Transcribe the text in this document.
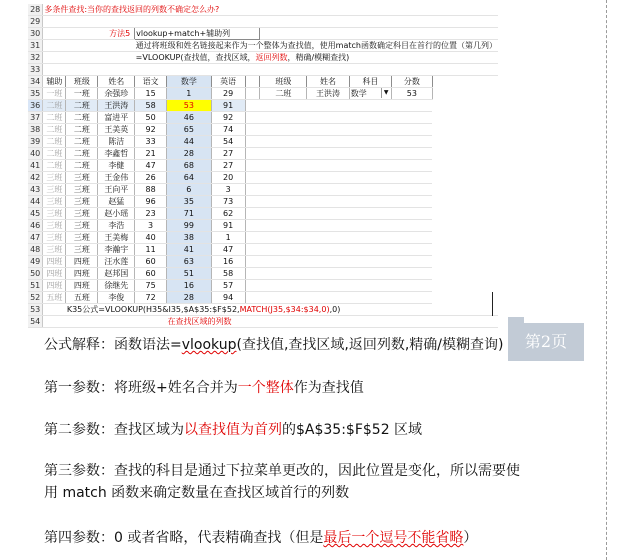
28	多条件查找:当你的查找返回的列数不确定怎么办?											
29												
30		方法5		vlookup+match+辅助列								
31				通过将班级和姓名链接起来作为一个整体为查找值，使用match函数确定科目在首行的位置（第几列）								
32				=VLOOKUP(查找值，查找区域，返回列数，精确/模糊查找)								
33												
34	辅助	班级	姓名	语文	数学	英语		班级	姓名	科目	分数	
35	一班	一班	余强珍	15	1	29		二班	王洪涛	数学 ▼	53	
36	二班	二班	王洪涛	58	53	91						
37	二班	二班	富进平	50	46	92						
38	二班	二班	王美英	92	65	74						
39	二班	二班	陈洁	33	44	54						
40	二班	二班	李鑫哲	21	28	27						
41	二班	二班	李健	47	68	27						
42	三班	三班	王金伟	26	64	20						
43	三班	三班	王向平	88	6	3						
44	三班	三班	赵猛	96	35	73						
45	三班	三班	赵小瑶	23	71	62						
46	三班	三班	李浩	3	99	91						
47	三班	三班	王美梅	40	38	1						
48	三班	三班	李瀚宇	11	41	47						
49	四班	四班	汪水莲	60	63	16						
50	四班	四班	赵邦国	60	51	58						
51	四班	四班	徐继先	75	16	57						
52	五班	五班	李俊	72	28	94						
53		K35公式=VLOOKUP(H35&I35,$A$35:$F$52,MATCH(J35,$34:$34,0),0)										
54					在查找区域的列数							
第2页
公式解释：函数语法=vlookup(查找值,查找区域,返回列数,精确/模糊查询)
第一参数：将班级+姓名合并为一个整体作为查找值
第二参数：查找区域为以查找值为首列的$A$35:$F$52 区域
第三参数：查找的科目是通过下拉菜单更改的，因此位置是变化，所以需要使
用 match 函数来确定数量在查找区域首行的列数
第四参数：0 或者省略，代表精确查找（但是最后一个逗号不能省略）
